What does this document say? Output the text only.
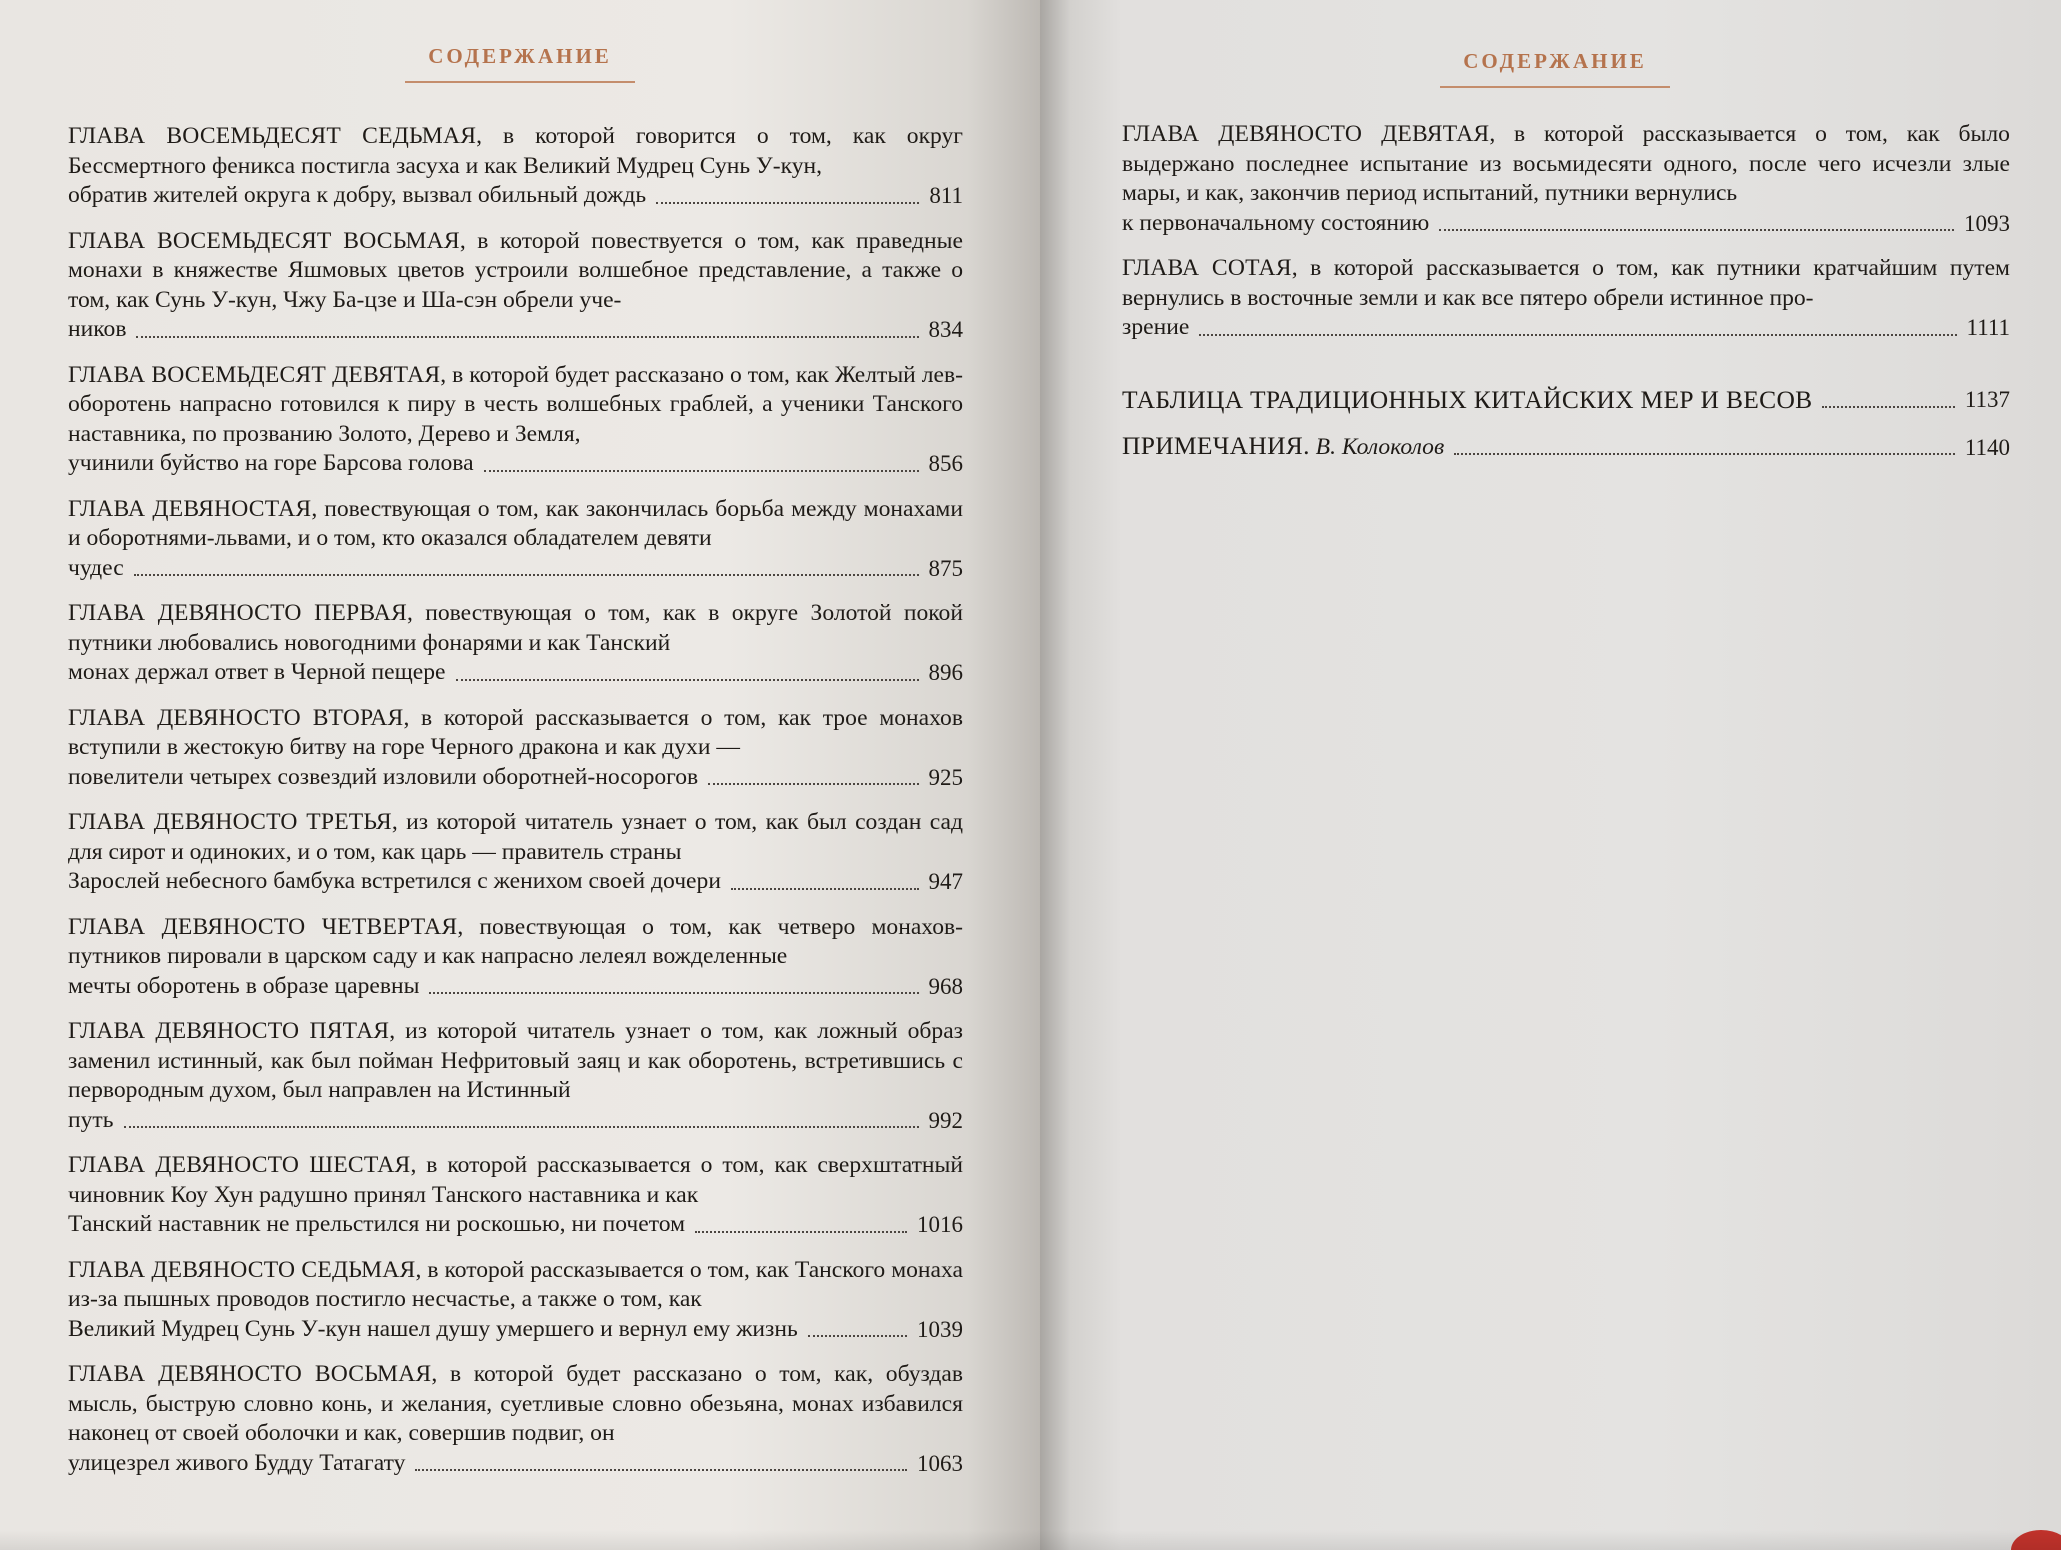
СОДЕРЖАНИЕ
ГЛАВА ВОСЕМЬДЕСЯТ СЕДЬМАЯ, в которой говорится о том, как округ Бессмертного феникса постигла засуха и как Великий Мудрец Сунь У-кун,
обратив жителей округа к добру, вызвал обильный дождь	811
ГЛАВА ВОСЕМЬДЕСЯТ ВОСЬМАЯ, в которой повествуется о том, как праведные монахи в княжестве Яшмовых цветов устроили волшебное представление, а также о том, как Сунь У-кун, Чжу Ба-цзе и Ша-сэн обрели уче-
ников	834
ГЛАВА ВОСЕМЬДЕСЯТ ДЕВЯТАЯ, в которой будет рассказано о том, как Желтый лев-оборотень напрасно готовился к пиру в честь волшебных граблей, а ученики Танского наставника, по прозванию Золото, Дерево и Земля,
учинили буйство на горе Барсова голова	856
ГЛАВА ДЕВЯНОСТАЯ, повествующая о том, как закончилась борьба между монахами и оборотнями-львами, и о том, кто оказался обладателем девяти
чудес	875
ГЛАВА ДЕВЯНОСТО ПЕРВАЯ, повествующая о том, как в округе Золотой покой путники любовались новогодними фонарями и как Танский
монах держал ответ в Черной пещере	896
ГЛАВА ДЕВЯНОСТО ВТОРАЯ, в которой рассказывается о том, как трое монахов вступили в жестокую битву на горе Черного дракона и как духи —
повелители четырех созвездий изловили оборотней-носорогов	925
ГЛАВА ДЕВЯНОСТО ТРЕТЬЯ, из которой читатель узнает о том, как был создан сад для сирот и одиноких, и о том, как царь — правитель страны
Зарослей небесного бамбука встретился с женихом своей дочери	947
ГЛАВА ДЕВЯНОСТО ЧЕТВЕРТАЯ, повествующая о том, как четверо монахов-путников пировали в царском саду и как напрасно лелеял вожделенные
мечты оборотень в образе царевны	968
ГЛАВА ДЕВЯНОСТО ПЯТАЯ, из которой читатель узнает о том, как ложный образ заменил истинный, как был пойман Нефритовый заяц и как оборотень, встретившись с первородным духом, был направлен на Истинный
путь	992
ГЛАВА ДЕВЯНОСТО ШЕСТАЯ, в которой рассказывается о том, как сверхштатный чиновник Коу Хун радушно принял Танского наставника и как
Танский наставник не прельстился ни роскошью, ни почетом	1016
ГЛАВА ДЕВЯНОСТО СЕДЬМАЯ, в которой рассказывается о том, как Танского монаха из-за пышных проводов постигло несчастье, а также о том, как
Великий Мудрец Сунь У-кун нашел душу умершего и вернул ему жизнь	1039
ГЛАВА ДЕВЯНОСТО ВОСЬМАЯ, в которой будет рассказано о том, как, обуздав мысль, быструю словно конь, и желания, суетливые словно обезьяна, монах избавился наконец от своей оболочки и как, совершив подвиг, он
улицезрел живого Будду Татагату	1063
СОДЕРЖАНИЕ
ГЛАВА ДЕВЯНОСТО ДЕВЯТАЯ, в которой рассказывается о том, как было выдержано последнее испытание из восьмидесяти одного, после чего исчезли злые мары, и как, закончив период испытаний, путники вернулись
к первоначальному состоянию	1093
ГЛАВА СОТАЯ, в которой рассказывается о том, как путники кратчайшим путем вернулись в восточные земли и как все пятеро обрели истинное про-
зрение	1111
ТАБЛИЦА ТРАДИЦИОННЫХ КИТАЙСКИХ МЕР И ВЕСОВ	1137
ПРИМЕЧАНИЯ. В. Колоколов	1140
